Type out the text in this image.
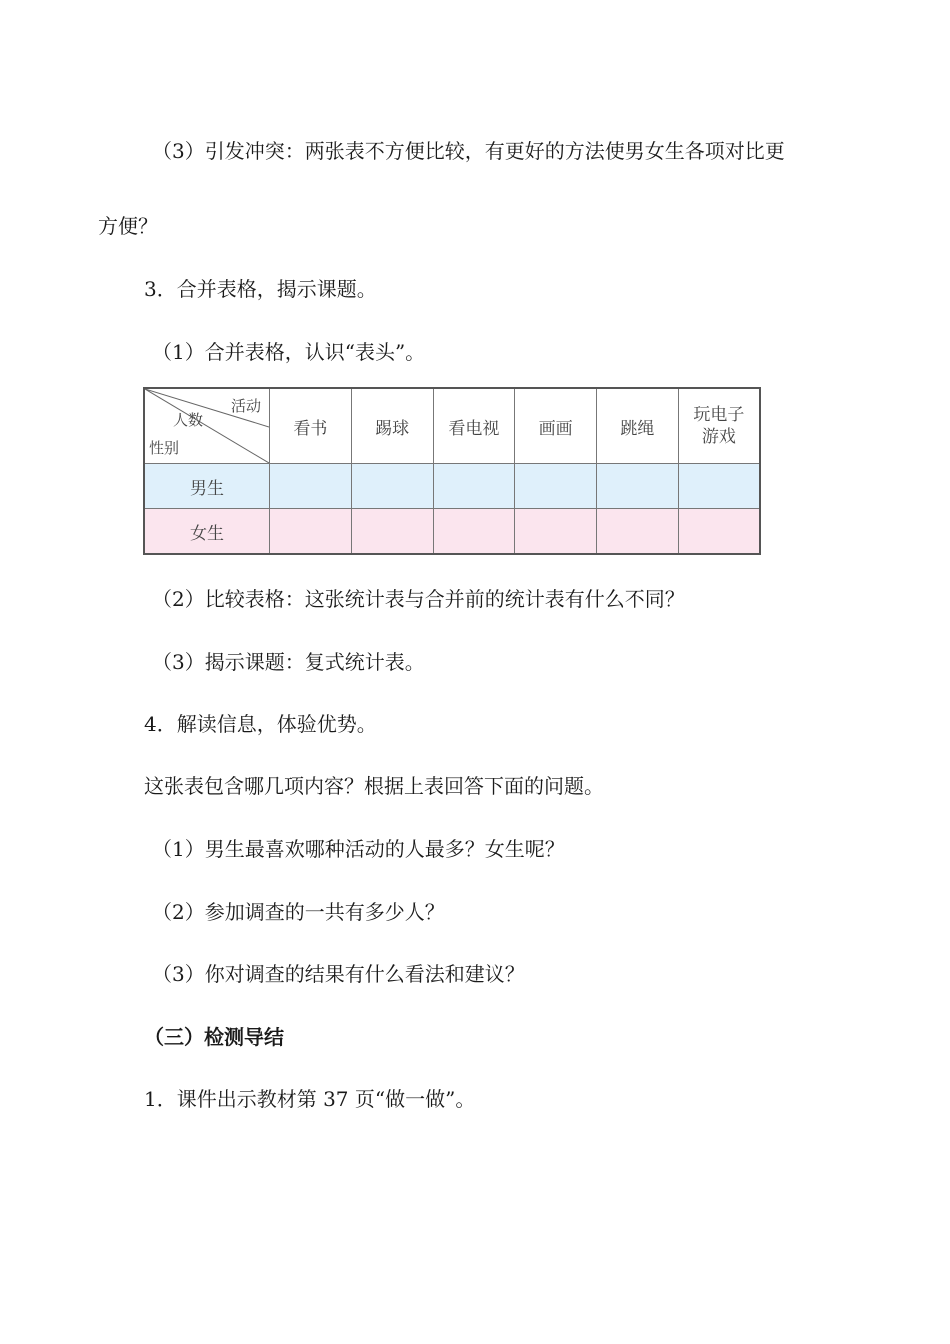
（3）引发冲突：两张表不方便比较，有更好的方法使男女生各项对比更
方便？
3．合并表格，揭示课题。
（1）合并表格，认识“表头”。
活动
人数
性别	看书	踢球	看电视	画画	跳绳	玩电子游戏
男生						
女生						
（2）比较表格：这张统计表与合并前的统计表有什么不同？
（3）揭示课题：复式统计表。
4．解读信息，体验优势。
这张表包含哪几项内容？根据上表回答下面的问题。
（1）男生最喜欢哪种活动的人最多？女生呢？
（2）参加调查的一共有多少人？
（3）你对调查的结果有什么看法和建议？
（三）检测导结
1．课件出示教材第 37 页“做一做”。
